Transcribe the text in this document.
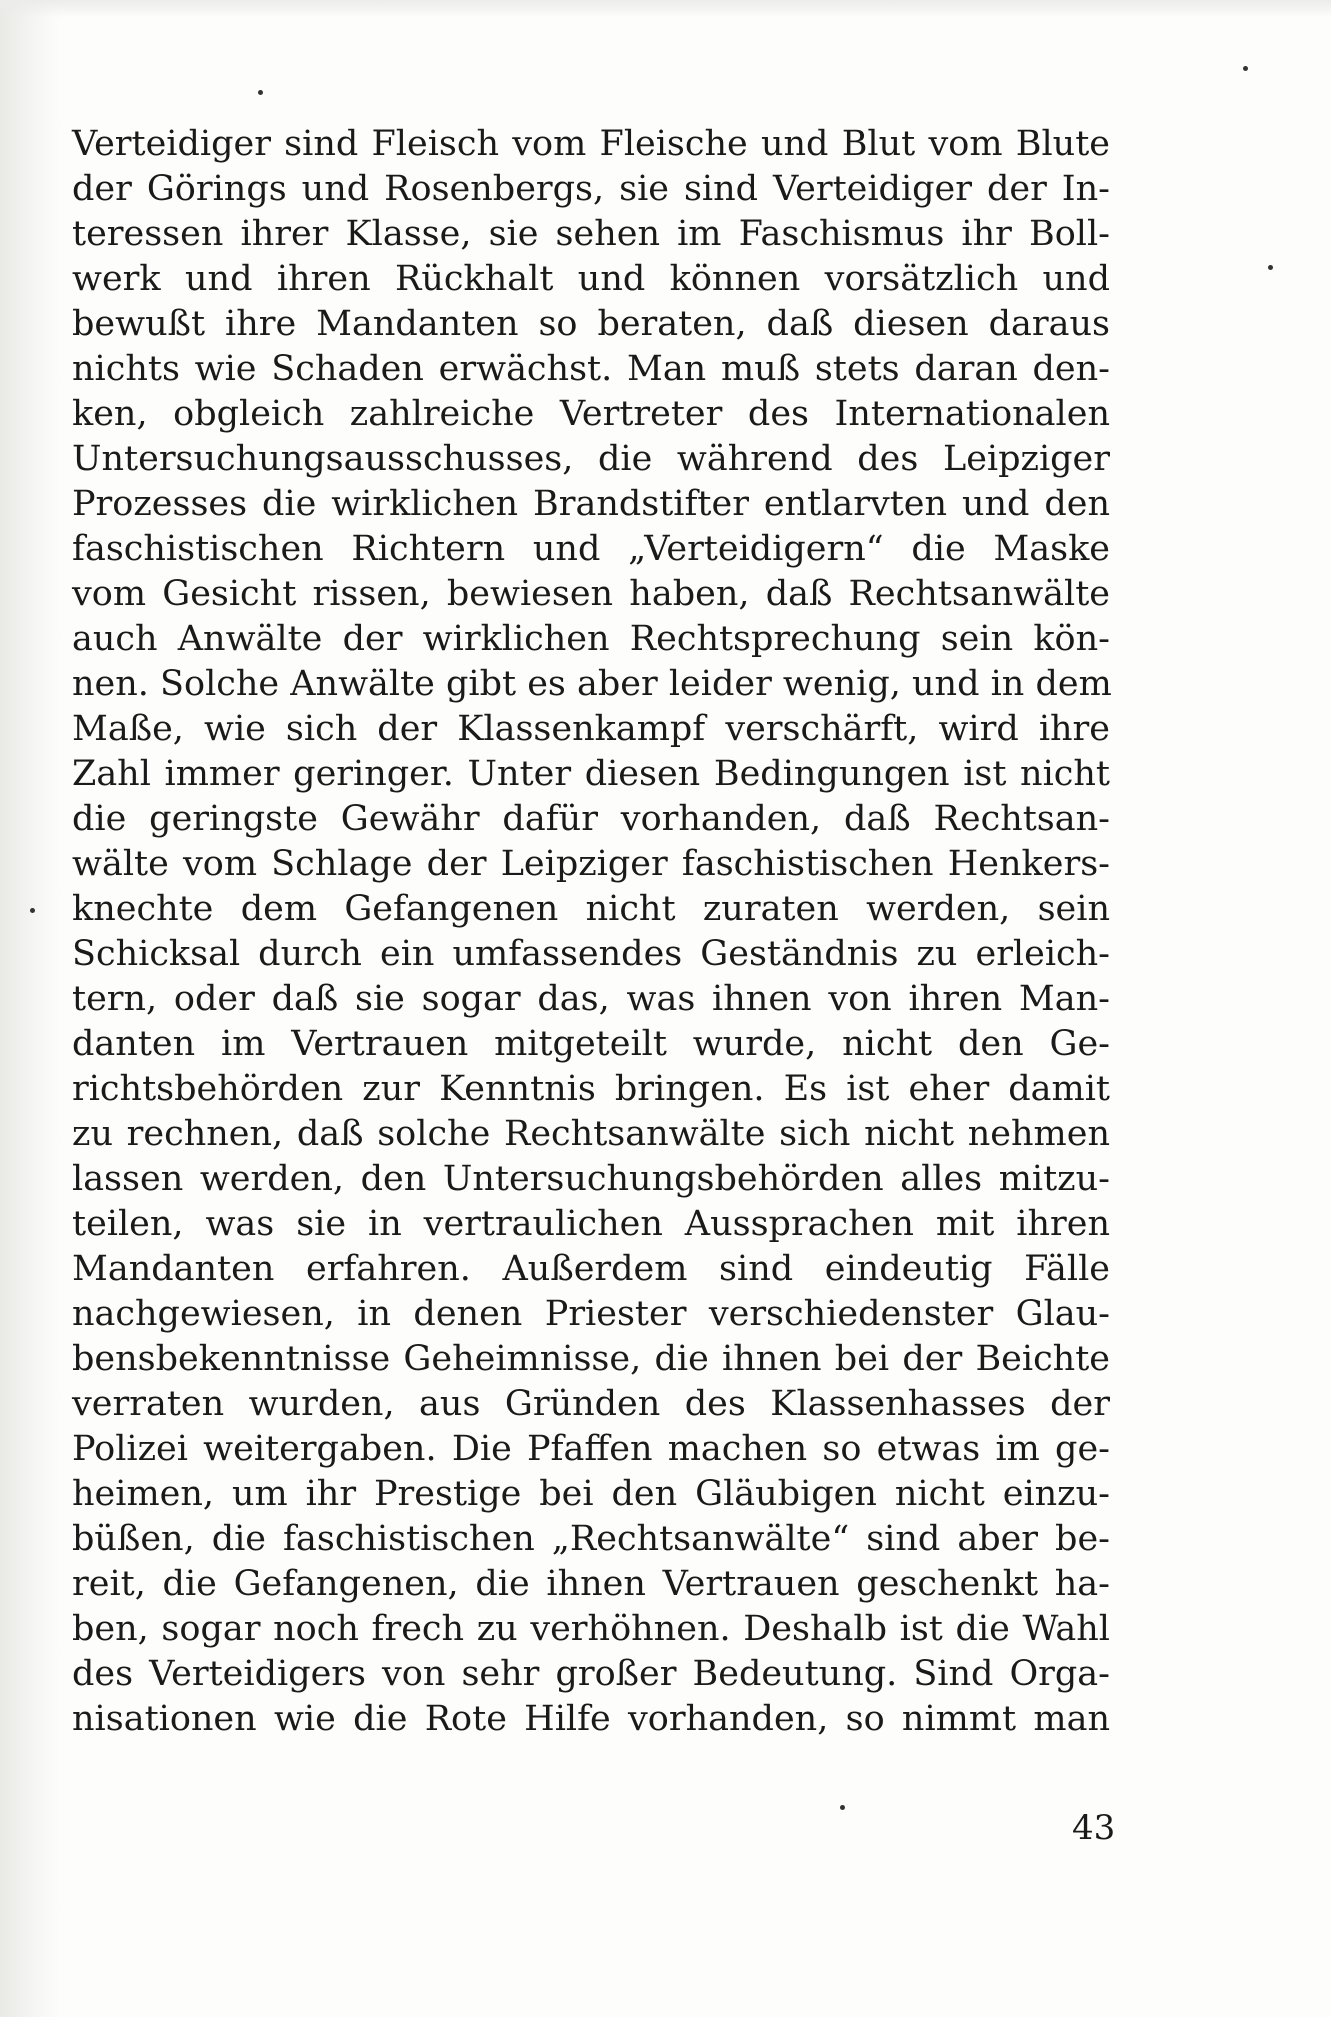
Verteidiger sind Fleisch vom Fleische und Blut vom Blute
der Görings und Rosenbergs, sie sind Verteidiger der In-
teressen ihrer Klasse, sie sehen im Faschismus ihr Boll-
werk und ihren Rückhalt und können vorsätzlich und
bewußt ihre Mandanten so beraten, daß diesen daraus
nichts wie Schaden erwächst. Man muß stets daran den-
ken, obgleich zahlreiche Vertreter des Internationalen
Untersuchungsausschusses, die während des Leipziger
Prozesses die wirklichen Brandstifter entlarvten und den
faschistischen Richtern und „Verteidigern“ die Maske
vom Gesicht rissen, bewiesen haben, daß Rechtsanwälte
auch Anwälte der wirklichen Rechtsprechung sein kön-
nen. Solche Anwälte gibt es aber leider wenig, und in dem
Maße, wie sich der Klassenkampf verschärft, wird ihre
Zahl immer geringer. Unter diesen Bedingungen ist nicht
die geringste Gewähr dafür vorhanden, daß Rechtsan-
wälte vom Schlage der Leipziger faschistischen Henkers-
knechte dem Gefangenen nicht zuraten werden, sein
Schicksal durch ein umfassendes Geständnis zu erleich-
tern, oder daß sie sogar das, was ihnen von ihren Man-
danten im Vertrauen mitgeteilt wurde, nicht den Ge-
richtsbehörden zur Kenntnis bringen. Es ist eher damit
zu rechnen, daß solche Rechtsanwälte sich nicht nehmen
lassen werden, den Untersuchungsbehörden alles mitzu-
teilen, was sie in vertraulichen Aussprachen mit ihren
Mandanten erfahren. Außerdem sind eindeutig Fälle
nachgewiesen, in denen Priester verschiedenster Glau-
bensbekenntnisse Geheimnisse, die ihnen bei der Beichte
verraten wurden, aus Gründen des Klassenhasses der
Polizei weitergaben. Die Pfaffen machen so etwas im ge-
heimen, um ihr Prestige bei den Gläubigen nicht einzu-
büßen, die faschistischen „Rechtsanwälte“ sind aber be-
reit, die Gefangenen, die ihnen Vertrauen geschenkt ha-
ben, sogar noch frech zu verhöhnen. Deshalb ist die Wahl
des Verteidigers von sehr großer Bedeutung. Sind Orga-
nisationen wie die Rote Hilfe vorhanden, so nimmt man
43
